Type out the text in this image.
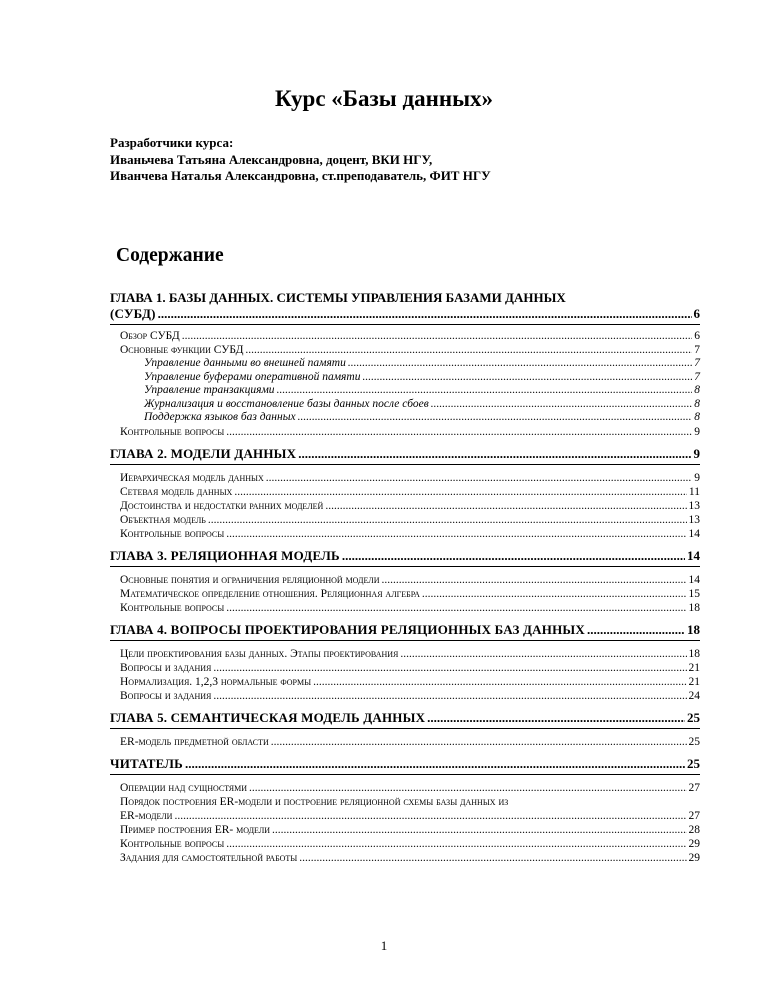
Курс «Базы данных»
Разработчики курса:
Иваньчева Татьяна Александровна, доцент, ВКИ НГУ,
Иванчева Наталья Александровна, ст.преподаватель, ФИТ НГУ
Содержание
ГЛАВА 1. БАЗЫ ДАННЫХ. СИСТЕМЫ УПРАВЛЕНИЯ БАЗАМИ ДАННЫХ
(СУБД) .....	6
Обзор СУБД .....	6
Основные функции СУБД .....	7
Управление данными во внешней памяти .....	7
Управление буферами оперативной памяти .....	7
Управление транзакциями .....	8
Журнализация и восстановление базы данных после сбоев .....	8
Поддержка языков баз данных .....	8
Контрольные вопросы .....	9
ГЛАВА 2. МОДЕЛИ ДАННЫХ .....	9
Иерархическая модель данных .....	9
Сетевая модель данных .....	11
Достоинства и недостатки ранних моделей .....	13
Объектная модель .....	13
Контрольные вопросы .....	14
ГЛАВА 3. РЕЛЯЦИОННАЯ МОДЕЛЬ .....	14
Основные понятия и ограничения реляционной модели .....	14
Математическое определение отношения. Реляционная алгебра .....	15
Контрольные вопросы .....	18
ГЛАВА 4. ВОПРОСЫ ПРОЕКТИРОВАНИЯ РЕЛЯЦИОННЫХ БАЗ ДАННЫХ .....	18
Цели проектирования базы данных. Этапы проектирования .....	18
Вопросы и задания .....	21
Нормализация. 1,2,3 нормальные формы .....	21
Вопросы и задания .....	24
ГЛАВА 5. СЕМАНТИЧЕСКАЯ МОДЕЛЬ ДАННЫХ .....	25
ER-модель предметной области .....	25
ЧИТАТЕЛЬ .....	25
Операции над сущностями .....	27
Порядок построения ER-модели и построение реляционной схемы базы данных из
ER-модели .....	27
Пример построения ER- модели .....	28
Контрольные вопросы .....	29
Задания для самостоятельной работы .....	29
1
